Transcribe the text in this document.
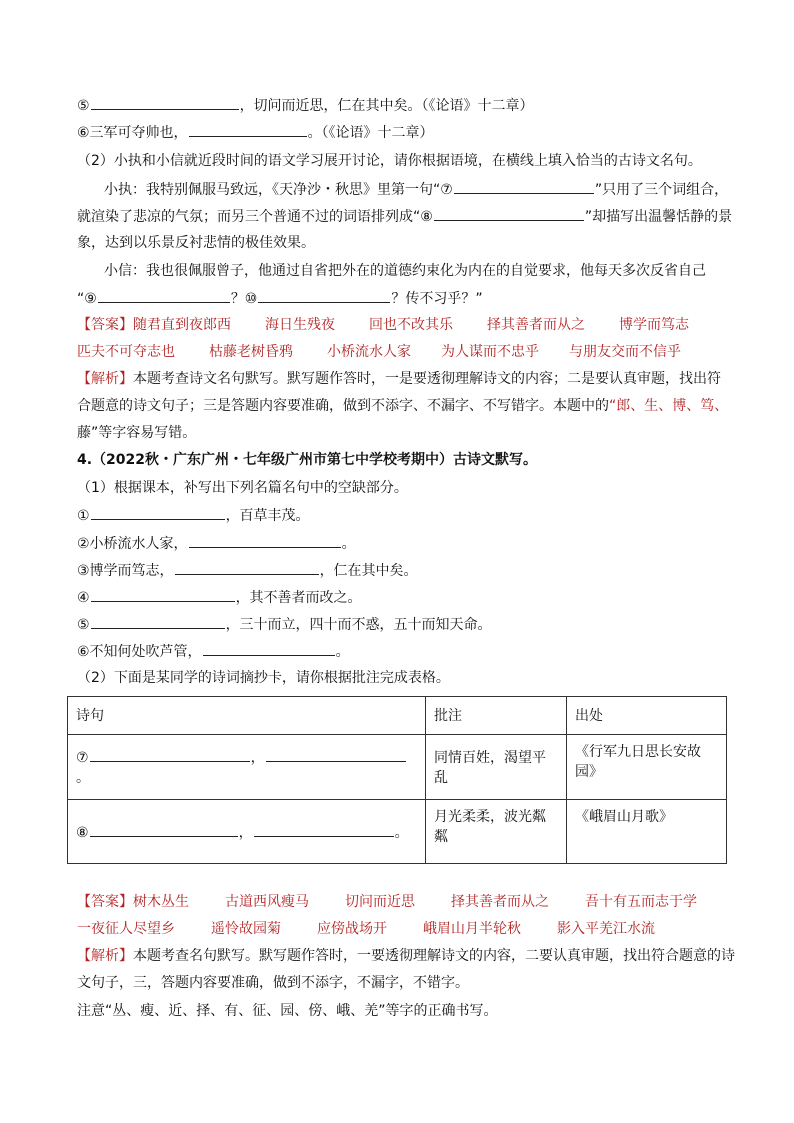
⑤	，切问而近思，仁在其中矣。（《论语》十二章）
⑥三军可夺帅也，	。（《论语》十二章）
（2）小执和小信就近段时间的语文学习展开讨论，请你根据语境，在横线上填入恰当的古诗文名句。
小执：我特别佩服马致远，《天净沙・秋思》里第一句“⑦	”只用了三个词组合，
就渲染了悲凉的气氛；而另三个普通不过的词语排列成“⑧	”却描写出温馨恬静的景
象，达到以乐景反衬悲情的极佳效果。
小信：我也很佩服曾子，他通过自省把外在的道德约束化为内在的自觉要求，他每天多次反省自己
“⑨	？⑩	？传不习乎？”
【答案】随君直到夜郎西 海日生残夜 回也不改其乐 择其善者而从之 博学而笃志
匹夫不可夺志也 枯藤老树昏鸦 小桥流水人家 为人谋而不忠乎 与朋友交而不信乎
【解析】本题考查诗文名句默写。默写题作答时，一是要透彻理解诗文的内容；二是要认真审题，找出符
合题意的诗文句子；三是答题内容要准确，做到不添字、不漏字、不写错字。本题中的“郎、生、博、笃、
藤”等字容易写错。
4.（2022秋・广东广州・七年级广州市第七中学校考期中）古诗文默写。
（1）根据课本，补写出下列名篇名句中的空缺部分。
①	，百草丰茂。
②小桥流水人家，	。
③博学而笃志，	，仁在其中矣。
④	，其不善者而改之。
⑤	，三十而立，四十而不惑，五十而知天命。
⑥不知何处吹芦管，	。
（2）下面是某同学的诗词摘抄卡，请你根据批注完成表格。
诗句	批注	出处
⑦ ，。	同情百姓，渴望平乱	《行军九日思长安故园》
⑧ ， 。	月光柔柔，波光粼粼	《峨眉山月歌》
【答案】树木丛生	古道西风瘦马	切问而近思	择其善者而从之	吾十有五而志于学
一夜征人尽望乡	遥怜故园菊	应傍战场开	峨眉山月半轮秋	影入平羌江水流
【解析】本题考查名句默写。默写题作答时，一要透彻理解诗文的内容，二要认真审题，找出符合题意的诗
文句子，三，答题内容要准确，做到不添字，不漏字，不错字。
注意“丛、瘦、近、择、有、征、园、傍、峨、羌”等字的正确书写。
